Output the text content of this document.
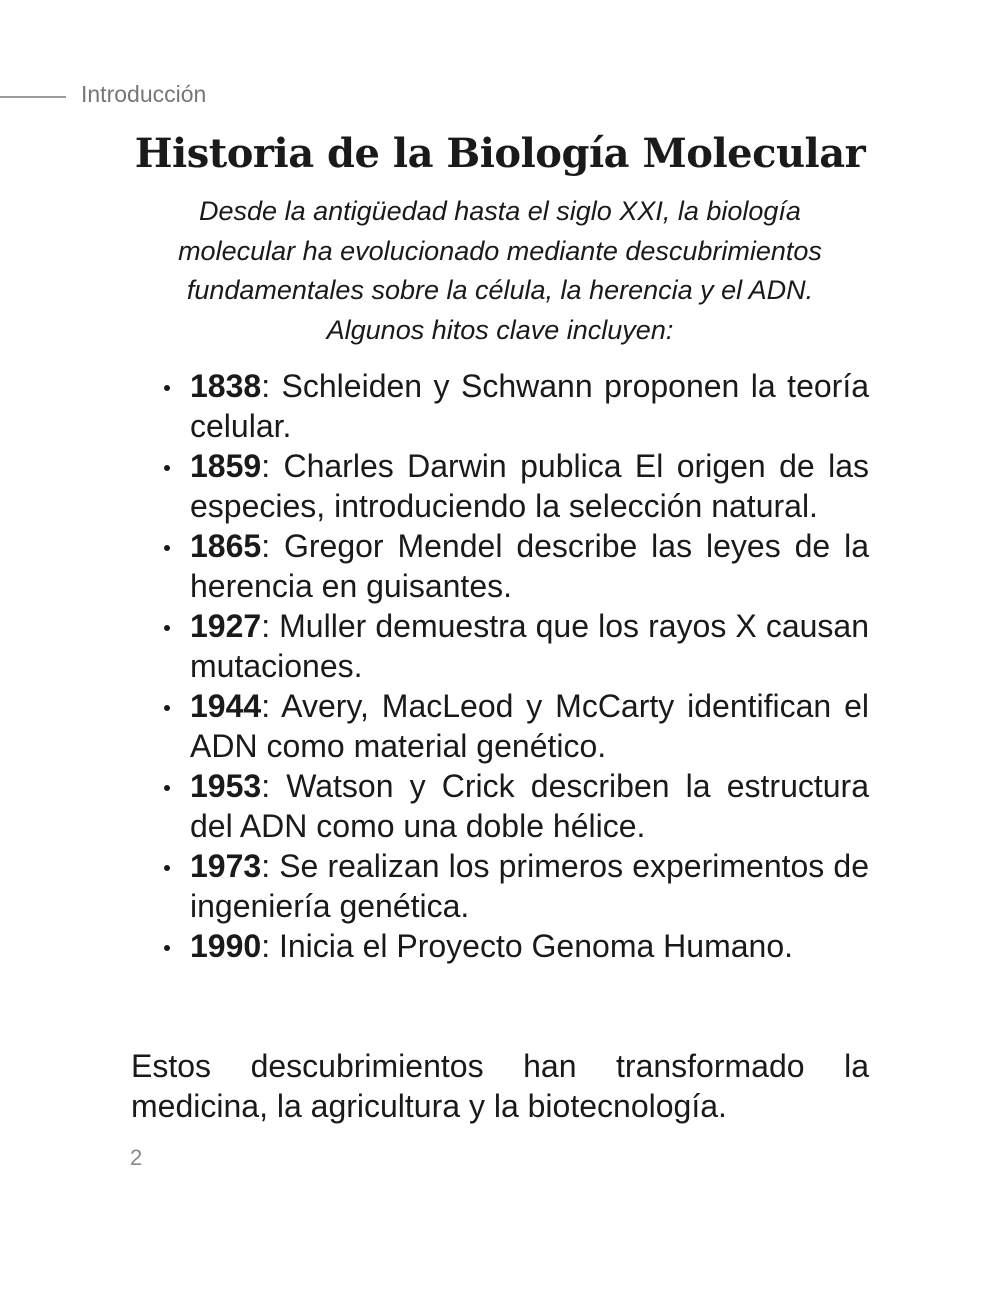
Introducción
Historia de la Biología Molecular

Desde la antigüedad hasta el siglo XXI, la biología molecular ha evolucionado mediante descubrimientos fundamentales sobre la célula, la herencia y el ADN. Algunos hitos clave incluyen:

1838: Schleiden y Schwann proponen la teoría celular.
1859: Charles Darwin publica El origen de las especies, introduciendo la selección natural.
1865: Gregor Mendel describe las leyes de la herencia en guisantes.
1927: Muller demuestra que los rayos X causan mutaciones.
1944: Avery, MacLeod y McCarty identifican el ADN como material genético.
1953: Watson y Crick describen la estructura del ADN como una doble hélice.
1973: Se realizan los primeros experimentos de ingeniería genética.
1990: Inicia el Proyecto Genoma Humano.

Estos descubrimientos han transformado la medicina, la agricultura y la biotecnología.

2
